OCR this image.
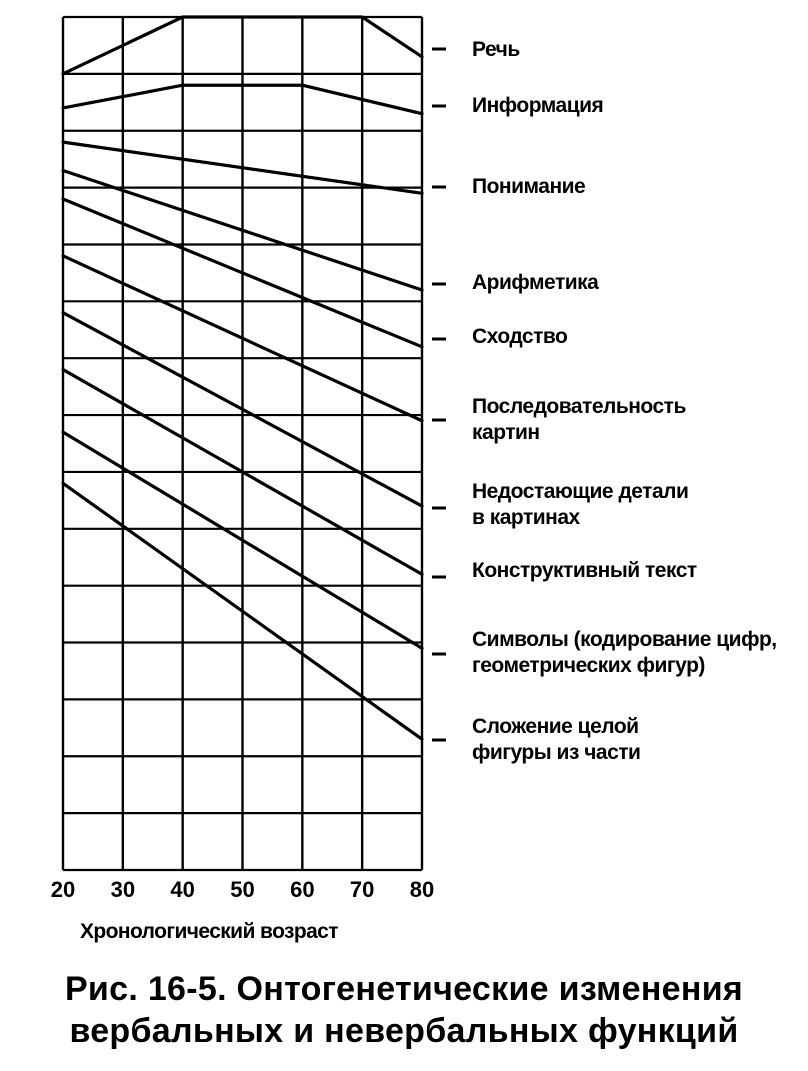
Речь
Информация
Понимание
Арифметика
Сходство
Последовательность
картин
Недостающие детали
в картинах
Конструктивный текст
Символы (кодирование цифр,
геометрических фигур)
Сложение целой
фигуры из части
20	30	40	50	60	70	80
Хронологический возраст
Рис. 16-5. Онтогенетические изменения
вербальных и невербальных функций
